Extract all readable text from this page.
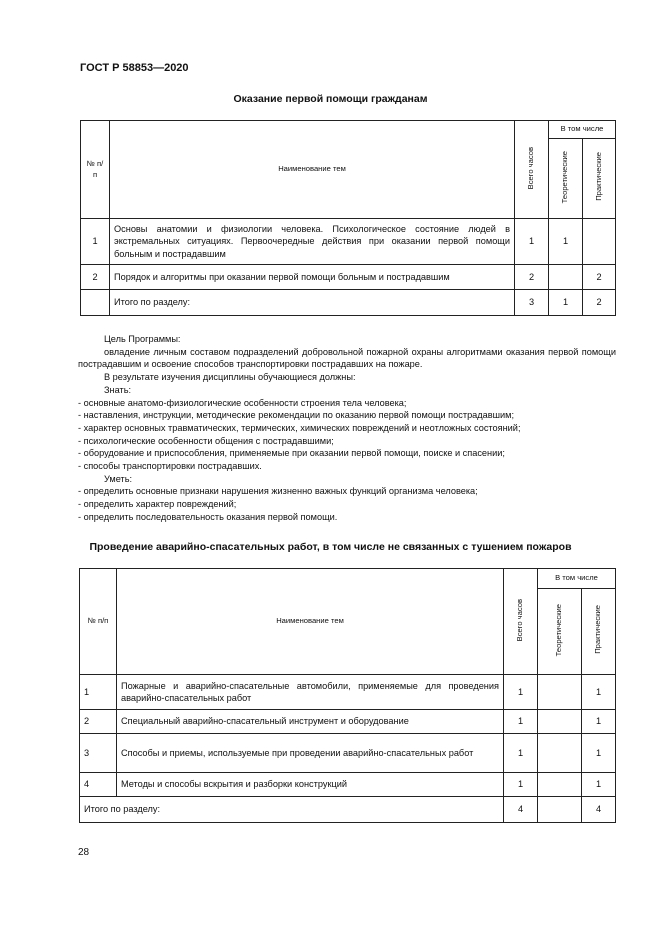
ГОСТ Р 58853—2020
Оказание первой помощи гражданам
№ п/п	Наименование тем	Всего часов	В том числе	
			Теоретические	Практические
1	Основы анатомии и физиологии человека. Психологическое состояние людей в экстремальных ситуациях. Первоочередные действия при оказании первой помощи больным и пострадавшим	1	1	
2	Порядок и алгоритмы при оказании первой помощи больным и пострадавшим	2		2
	Итого по разделу:	3	1	2
Цель Программы:
овладение личным составом подразделений добровольной пожарной охраны алгоритмами оказания первой помощи пострадавшим и освоение способов транспортировки пострадавших на пожаре.
В результате изучения дисциплины обучающиеся должны:
Знать:
- основные анатомо-физиологические особенности строения тела человека;
- наставления, инструкции, методические рекомендации по оказанию первой помощи пострадавшим;
- характер основных травматических, термических, химических повреждений и неотложных состояний;
- психологические особенности общения с пострадавшими;
- оборудование и приспособления, применяемые при оказании первой помощи, поиске и спасении;
- способы транспортировки пострадавших.
Уметь:
- определить основные признаки нарушения жизненно важных функций организма человека;
- определить характер повреждений;
- определить последовательность оказания первой помощи.
Проведение аварийно-спасательных работ, в том числе не связанных с тушением пожаров
№ п/п	Наименование тем	Всего часов	В том числе	
			Теоретические	Практические
1	Пожарные и аварийно-спасательные автомобили, применяемые для проведения аварийно-спасательных работ	1		1
2	Специальный аварийно-спасательный инструмент и оборудование	1		1
3	Способы и приемы, используемые при проведении аварийно-спасательных работ	1		1
4	Методы и способы вскрытия и разборки конструкций	1		1
Итого по разделу:		4		4
28
